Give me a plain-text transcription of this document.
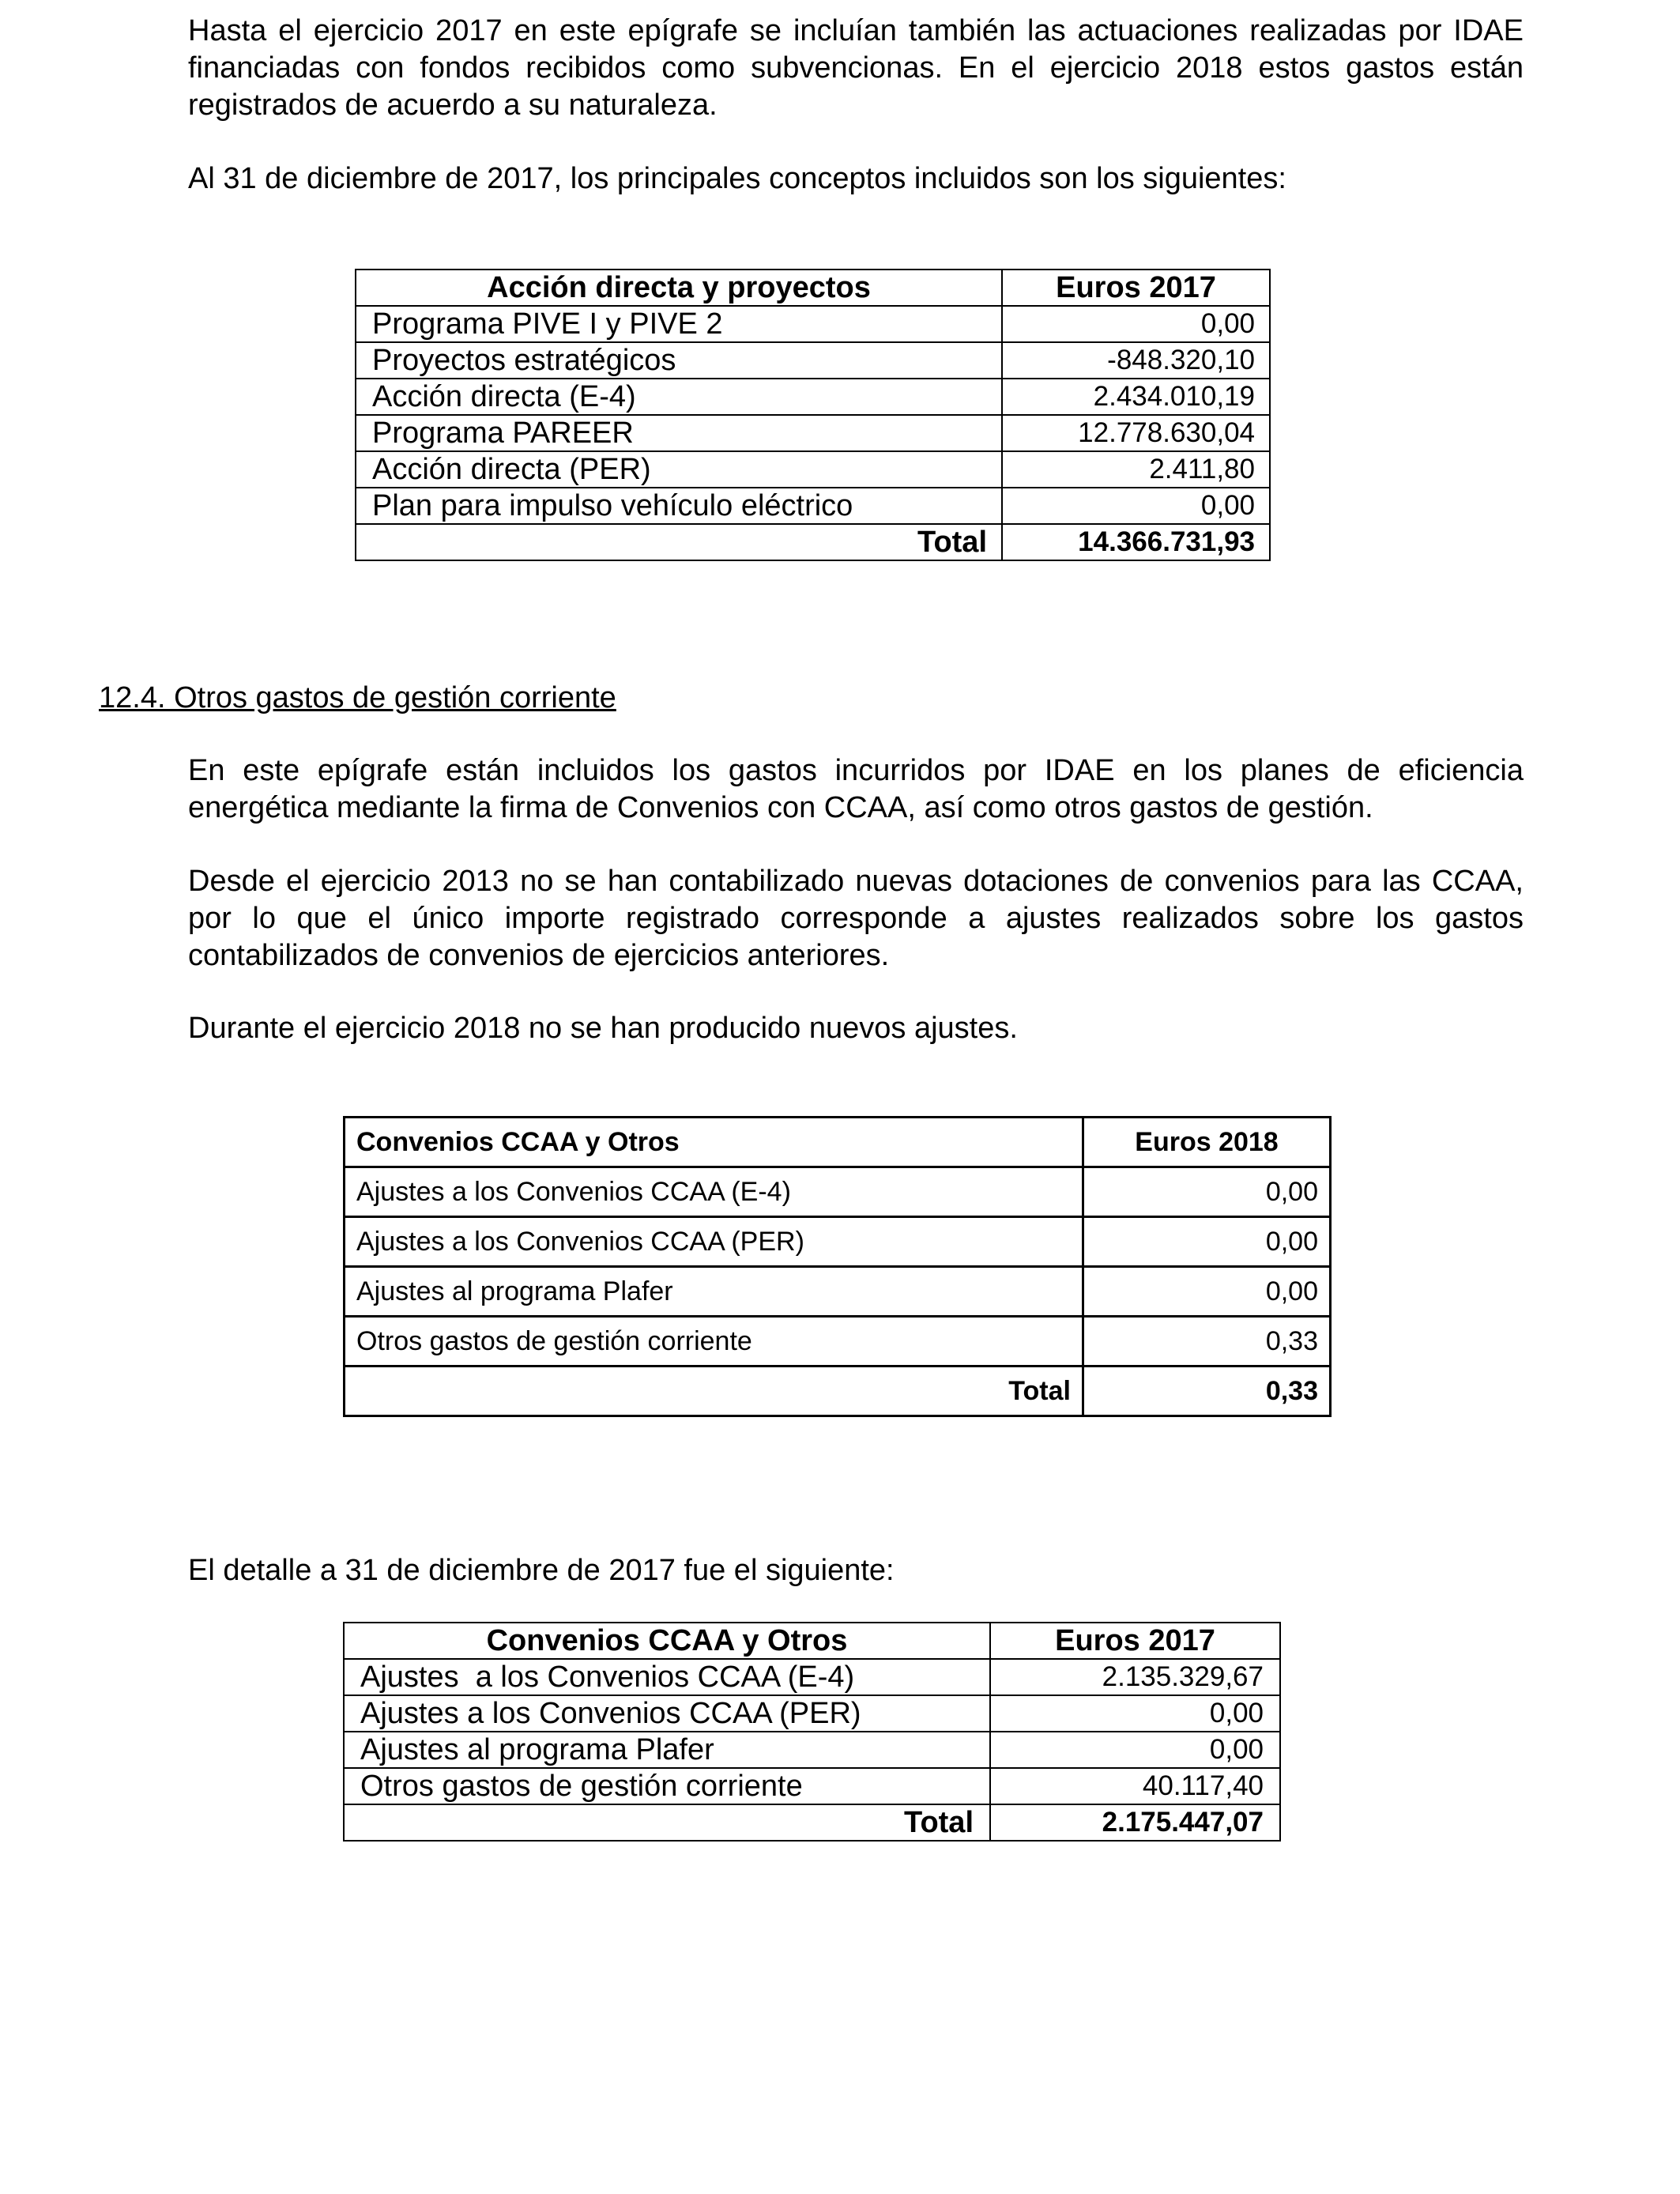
Hasta el ejercicio 2017 en este epígrafe se incluían también las actuaciones realizadas por IDAE financiadas con fondos recibidos como subvencionas. En el ejercicio 2018 estos gastos están registrados de acuerdo a su naturaleza.

Al 31 de diciembre de 2017, los principales conceptos incluidos son los siguientes:

Acción directa y proyectos	Euros 2017
Programa PIVE I y PIVE 2	0,00
Proyectos estratégicos	-848.320,10
Acción directa (E-4)	2.434.010,19
Programa PAREER	12.778.630,04
Acción directa (PER)	2.411,80
Plan para impulso vehículo eléctrico	0,00
Total	14.366.731,93

12.4. Otros gastos de gestión corriente

En este epígrafe están incluidos los gastos incurridos por IDAE en los planes de eficiencia energética mediante la firma de Convenios con CCAA, así como otros gastos de gestión.

Desde el ejercicio 2013 no se han contabilizado nuevas dotaciones de convenios para las CCAA, por lo que el único importe registrado corresponde a ajustes realizados sobre los gastos contabilizados de convenios de ejercicios anteriores.

Durante el ejercicio 2018 no se han producido nuevos ajustes.

Convenios CCAA y Otros	Euros 2018
Ajustes a los Convenios CCAA (E-4)	0,00
Ajustes a los Convenios CCAA (PER)	0,00
Ajustes al programa Plafer	0,00
Otros gastos de gestión corriente	0,33
Total	0,33

El detalle a 31 de diciembre de 2017 fue el siguiente:

Convenios CCAA y Otros	Euros 2017
Ajustes  a los Convenios CCAA (E-4)	2.135.329,67
Ajustes a los Convenios CCAA (PER)	0,00
Ajustes al programa Plafer	0,00
Otros gastos de gestión corriente	40.117,40
Total	2.175.447,07
